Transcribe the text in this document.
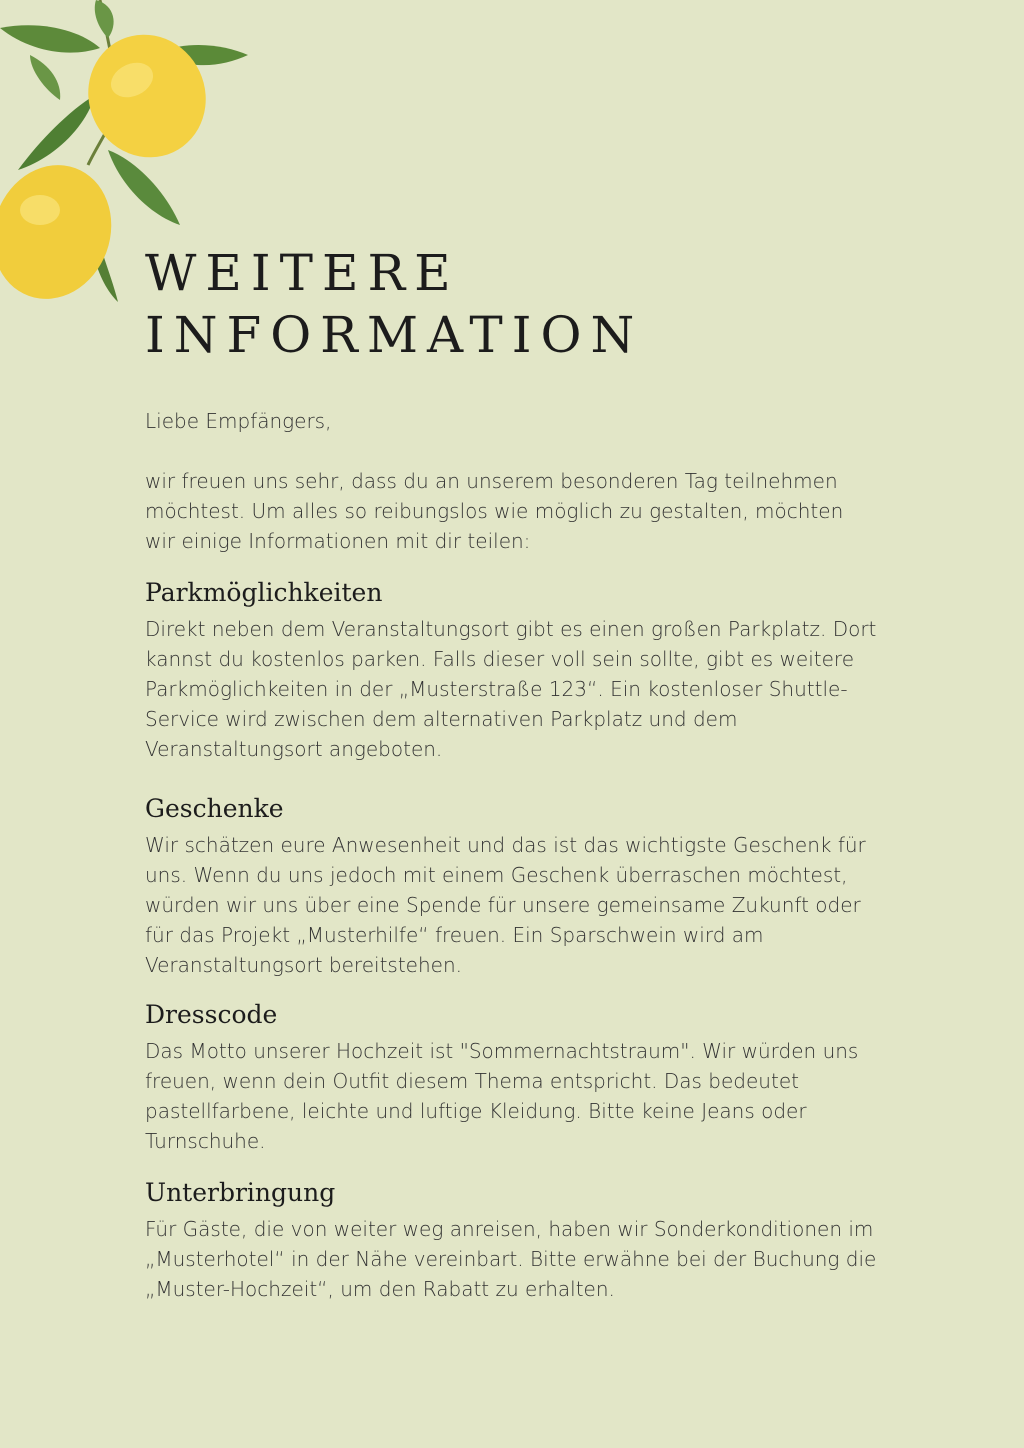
WEITERE
INFORMATION

Liebe Empfängers,

wir freuen uns sehr, dass du an unserem besonderen Tag teilnehmen möchtest. Um alles so reibungslos wie möglich zu gestalten, möchten wir einige Informationen mit dir teilen:

Parkmöglichkeiten

Direkt neben dem Veranstaltungsort gibt es einen großen Parkplatz. Dort kannst du kostenlos parken. Falls dieser voll sein sollte, gibt es weitere Parkmöglichkeiten in der „Musterstraße 123“. Ein kostenloser Shuttle-Service wird zwischen dem alternativen Parkplatz und dem Veranstaltungsort angeboten.

Geschenke

Wir schätzen eure Anwesenheit und das ist das wichtigste Geschenk für uns. Wenn du uns jedoch mit einem Geschenk überraschen möchtest, würden wir uns über eine Spende für unsere gemeinsame Zukunft oder für das Projekt „Musterhilfe“ freuen. Ein Sparschwein wird am Veranstaltungsort bereitstehen.

Dresscode

Das Motto unserer Hochzeit ist "Sommernachtstraum". Wir würden uns freuen, wenn dein Outfit diesem Thema entspricht. Das bedeutet pastellfarbene, leichte und luftige Kleidung. Bitte keine Jeans oder Turnschuhe.

Unterbringung

Für Gäste, die von weiter weg anreisen, haben wir Sonderkonditionen im „Musterhotel“ in der Nähe vereinbart. Bitte erwähne bei der Buchung die „Muster-Hochzeit“, um den Rabatt zu erhalten.
